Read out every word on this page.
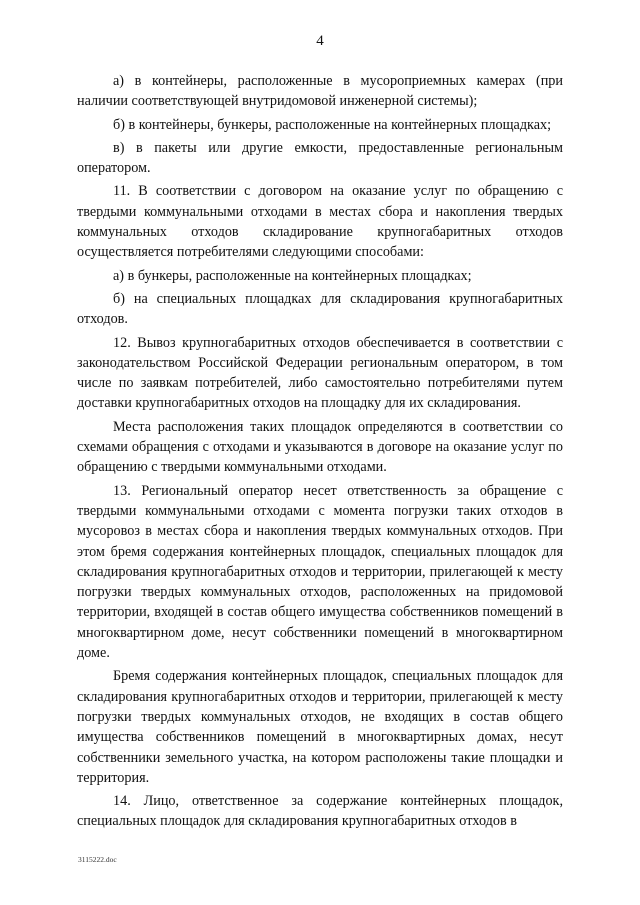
4

а) в контейнеры, расположенные в мусороприемных камерах (при наличии соответствующей внутридомовой инженерной системы);

б) в контейнеры, бункеры, расположенные на контейнерных площадках;

в) в пакеты или другие емкости, предоставленные региональным оператором.

11. В соответствии с договором на оказание услуг по обращению с твердыми коммунальными отходами в местах сбора и накопления твердых коммунальных отходов складирование крупногабаритных отходов осуществляется потребителями следующими способами:

а) в бункеры, расположенные на контейнерных площадках;

б) на специальных площадках для складирования крупногабаритных отходов.

12. Вывоз крупногабаритных отходов обеспечивается в соответствии с законодательством Российской Федерации региональным оператором, в том числе по заявкам потребителей, либо самостоятельно потребителями путем доставки крупногабаритных отходов на площадку для их складирования.

Места расположения таких площадок определяются в соответствии со схемами обращения с отходами и указываются в договоре на оказание услуг по обращению с твердыми коммунальными отходами.

13. Региональный оператор несет ответственность за обращение с твердыми коммунальными отходами с момента погрузки таких отходов в мусоровоз в местах сбора и накопления твердых коммунальных отходов. При этом бремя содержания контейнерных площадок, специальных площадок для складирования крупногабаритных отходов и территории, прилегающей к месту погрузки твердых коммунальных отходов, расположенных на придомовой территории, входящей в состав общего имущества собственников помещений в многоквартирном доме, несут собственники помещений в многоквартирном доме.

Бремя содержания контейнерных площадок, специальных площадок для складирования крупногабаритных отходов и территории, прилегающей к месту погрузки твердых коммунальных отходов, не входящих в состав общего имущества собственников помещений в многоквартирных домах, несут собственники земельного участка, на котором расположены такие площадки и территория.

14. Лицо, ответственное за содержание контейнерных площадок, специальных площадок для складирования крупногабаритных отходов в

3115222.doc
